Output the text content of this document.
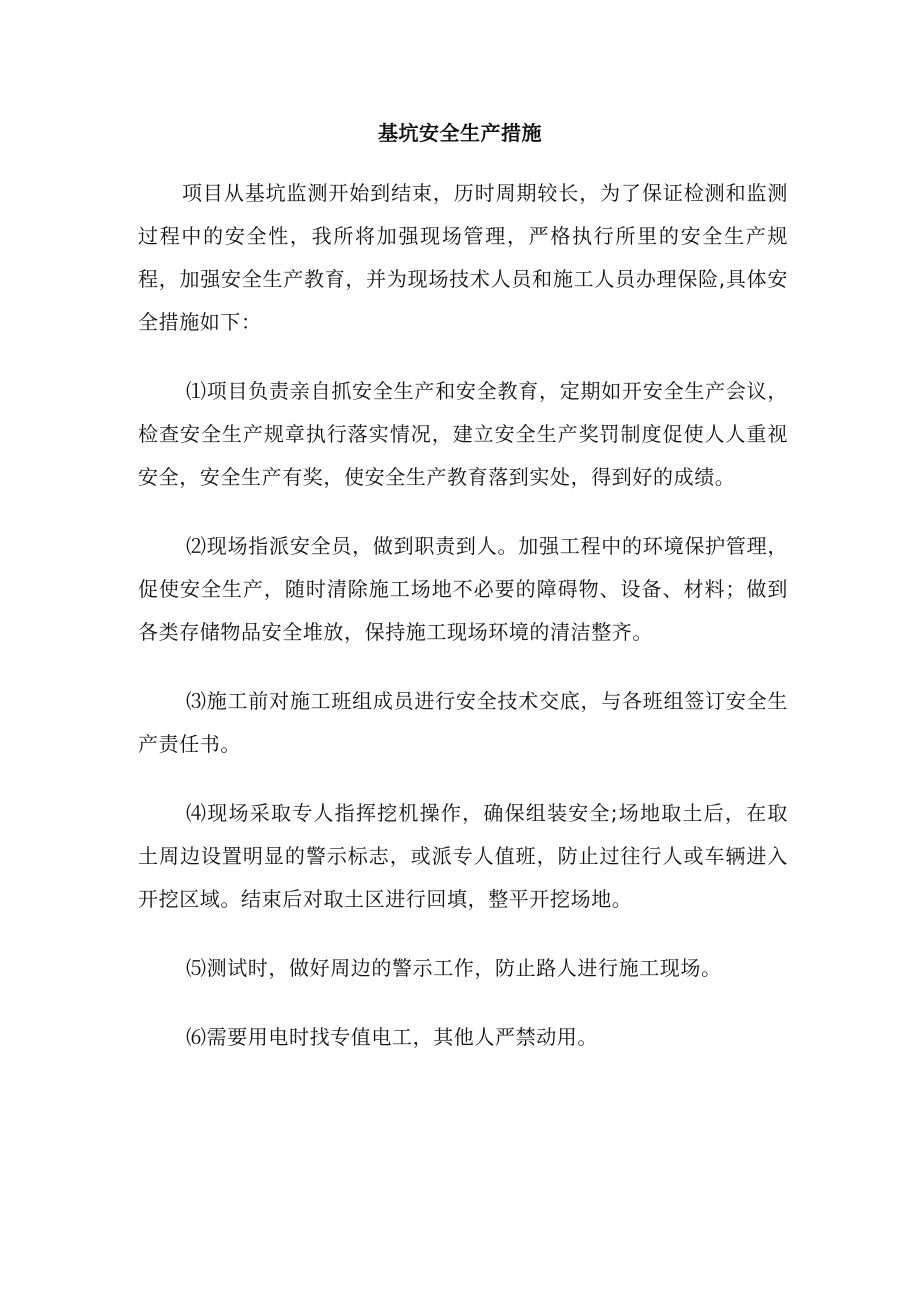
基坑安全生产措施

项目从基坑监测开始到结束，历时周期较长，为了保证检测和监测过程中的安全性，我所将加强现场管理，严格执行所里的安全生产规程，加强安全生产教育，并为现场技术人员和施工人员办理保险,具体安全措施如下：

⑴项目负责亲自抓安全生产和安全教育，定期如开安全生产会议，检查安全生产规章执行落实情况，建立安全生产奖罚制度促使人人重视安全，安全生产有奖，使安全生产教育落到实处，得到好的成绩。

⑵现场指派安全员，做到职责到人。加强工程中的环境保护管理，促使安全生产，随时清除施工场地不必要的障碍物、设备、材料；做到各类存储物品安全堆放，保持施工现场环境的清洁整齐。

⑶施工前对施工班组成员进行安全技术交底，与各班组签订安全生产责任书。

⑷现场采取专人指挥挖机操作，确保组装安全;场地取土后，在取土周边设置明显的警示标志，或派专人值班，防止过往行人或车辆进入开挖区域。结束后对取土区进行回填，整平开挖场地。

⑸测试时，做好周边的警示工作，防止路人进行施工现场。

⑹需要用电时找专值电工，其他人严禁动用。
